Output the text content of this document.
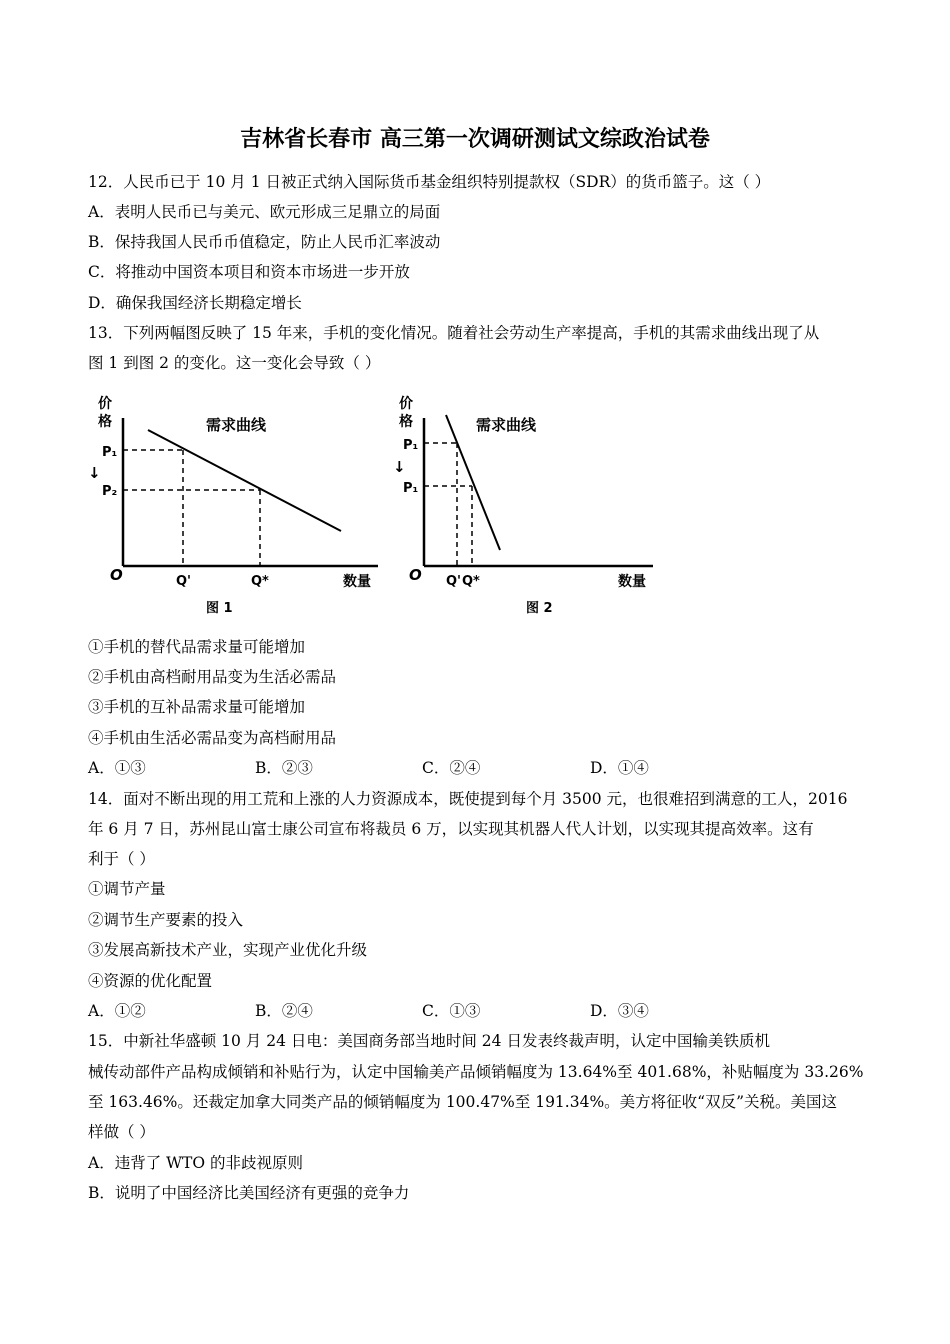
吉林省长春市 高三第一次调研测试文综政治试卷
12．人民币已于 10 月 1 日被正式纳入国际货币基金组织特别提款权（SDR）的货币篮子。这（ ）
A．表明人民币已与美元、欧元形成三足鼎立的局面
B．保持我国人民币币值稳定，防止人民币汇率波动
C．将推动中国资本项目和资本市场进一步开放
D．确保我国经济长期稳定增长
13．下列两幅图反映了 15 年来，手机的变化情况。随着社会劳动生产率提高，手机的其需求曲线出现了从
图 1 到图 2 的变化。这一变化会导致（ ）
价
格	需求曲线
P₁
↓
P₂
O	Q'	Q*	数量
图 1
价
格	需求曲线
P₁
↓
P₁
O Q' Q*	数量
图 2
①手机的替代品需求量可能增加
②手机由高档耐用品变为生活必需品
③手机的互补品需求量可能增加
④手机由生活必需品变为高档耐用品
A．①③	B．②③	C．②④	D．①④
14．面对不断出现的用工荒和上涨的人力资源成本，既使提到每个月 3500 元，也很难招到满意的工人，2016
年 6 月 7 日，苏州昆山富士康公司宣布将裁员 6 万，以实现其机器人代人计划，以实现其提高效率。这有
利于（ ）
①调节产量
②调节生产要素的投入
③发展高新技术产业，实现产业优化升级
④资源的优化配置
A．①②	B．②④	C．①③	D．③④
15．中新社华盛顿 10 月 24 日电：美国商务部当地时间 24 日发表终裁声明，认定中国输美铁质机
械传动部件产品构成倾销和补贴行为，认定中国输美产品倾销幅度为 13.64%至 401.68%，补贴幅度为 33.26%
至 163.46%。还裁定加拿大同类产品的倾销幅度为 100.47%至 191.34%。美方将征收“双反”关税。美国这
样做（ ）
A．违背了 WTO 的非歧视原则
B．说明了中国经济比美国经济有更强的竞争力
